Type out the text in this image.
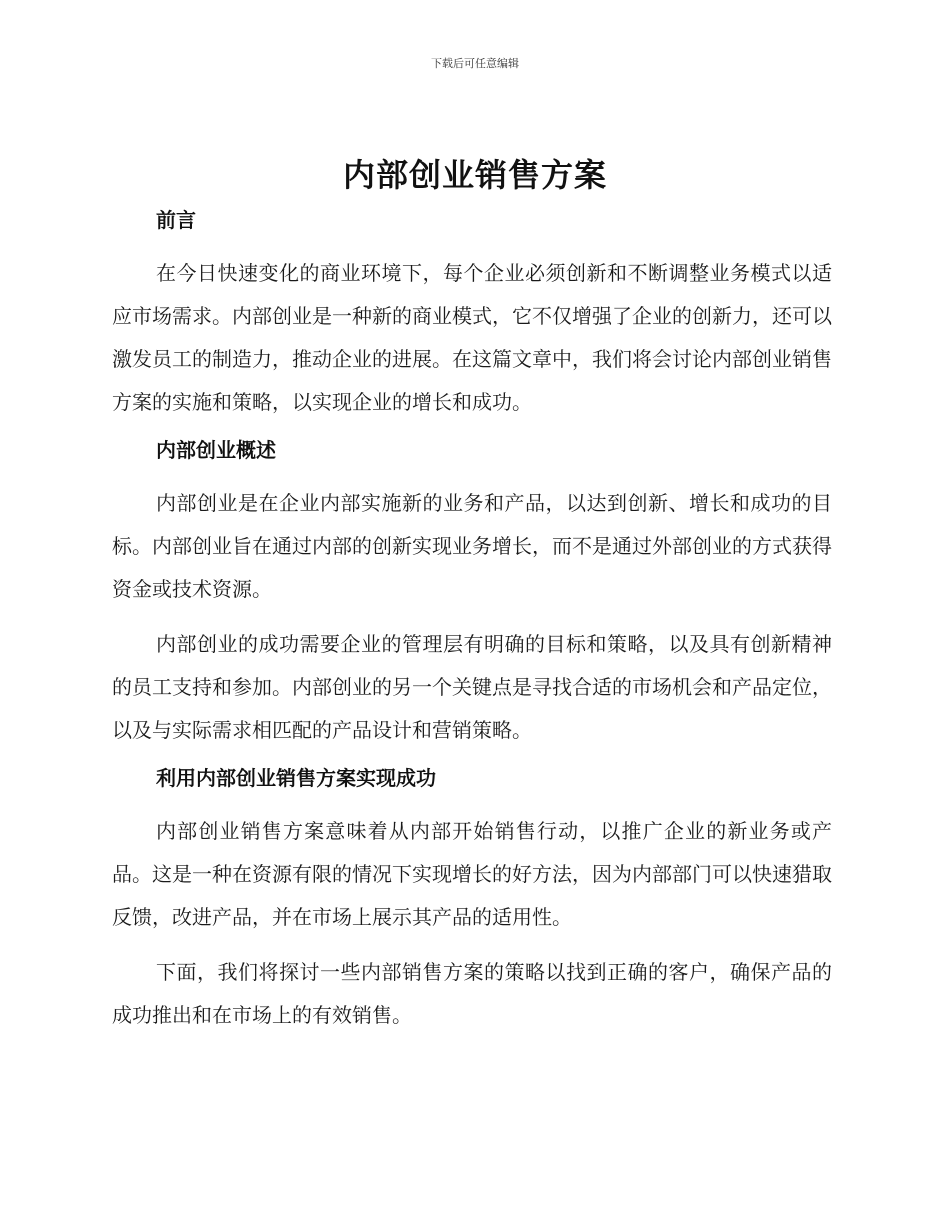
下载后可任意编辑
内部创业销售方案
前言

在今日快速变化的商业环境下，每个企业必须创新和不断调整业务模式以适应市场需求。内部创业是一种新的商业模式，它不仅增强了企业的创新力，还可以激发员工的制造力，推动企业的进展。在这篇文章中，我们将会讨论内部创业销售方案的实施和策略，以实现企业的增长和成功。

内部创业概述

内部创业是在企业内部实施新的业务和产品，以达到创新、增长和成功的目标。内部创业旨在通过内部的创新实现业务增长，而不是通过外部创业的方式获得资金或技术资源。

内部创业的成功需要企业的管理层有明确的目标和策略，以及具有创新精神的员工支持和参加。内部创业的另一个关键点是寻找合适的市场机会和产品定位，以及与实际需求相匹配的产品设计和营销策略。

利用内部创业销售方案实现成功

内部创业销售方案意味着从内部开始销售行动，以推广企业的新业务或产品。这是一种在资源有限的情况下实现增长的好方法，因为内部部门可以快速猎取反馈，改进产品，并在市场上展示其产品的适用性。

下面，我们将探讨一些内部销售方案的策略以找到正确的客户，确保产品的成功推出和在市场上的有效销售。
